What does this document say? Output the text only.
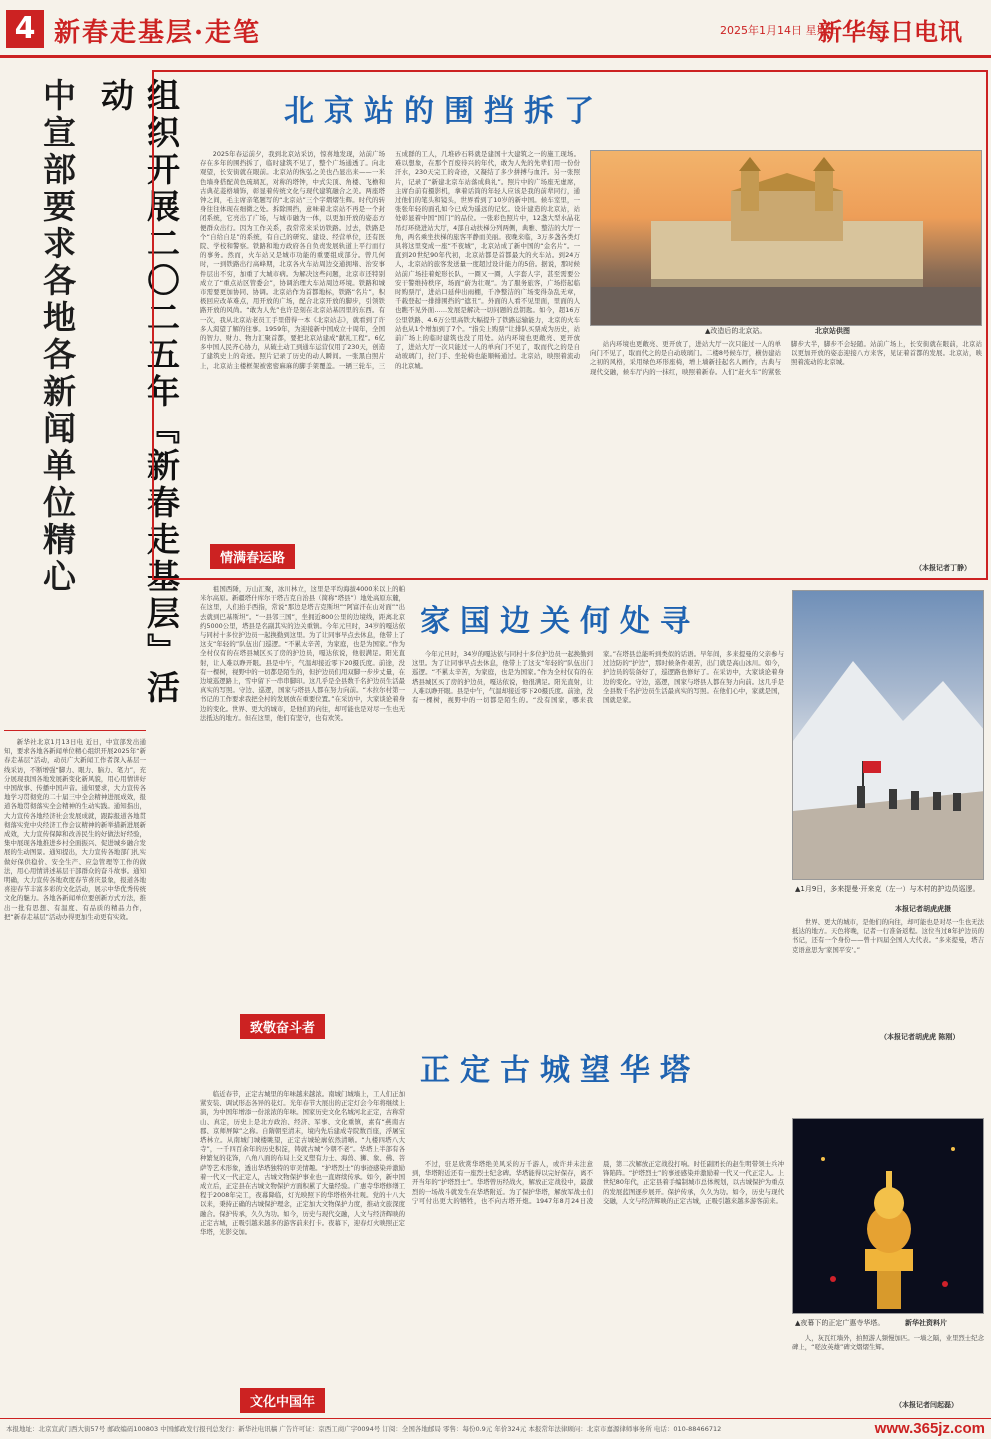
4 新春走基层·走笔	2025年1月14日 星期二
新华每日电讯
中宣部要求各地各新闻单位精心	组织开展二〇二五年『新春走基层』活动

新华社北京1月13日电 近日，中宣部发出通知，要求各地各新闻单位精心组织开展2025年“新春走基层”活动，动员广大新闻工作者深入基层一线采访，不断增强“脚力、眼力、脑力、笔力”，充分展现我国各地发展新变化新风貌，用心用情讲好中国故事、传播中国声音。通知要求，大力宣传各地学习贯彻党的二十届三中全会精神进展成效，报道各地贯彻落实全会精神的生动实践。通知指出，大力宣传各地经济社会发展成就，跟踪报道各地贯彻落实党中央经济工作会议精神的新举措新进展新成效，大力宣传保障和改善民生的好做法好经验，集中展现各地推进乡村全面振兴、促进城乡融合发展的生动图景。通知提出，大力宣传各地部门扎实做好保供稳价、安全生产、应急管理等工作的做法，用心用情讲述基层干部群众的奋斗故事。通知明确，大力宣传各地欢度春节喜庆景象，报道各地喜迎春节丰富多彩的文化活动，展示中华优秀传统文化的魅力。各地各新闻单位要创新方式方法，推出一批有思想、有温度、有品质的精品力作，把“新春走基层”活动办得更加生动更有实效。

北京站的围挡拆了

2025年春运前夕，我到北京站采访，惊喜地发现，站前广场存在多年的围挡拆了，临时建筑不见了，整个广场通透了。向北观望，长安街就在眼前。北京站的恢弘之美也凸显出来——一米色墙身搭配黄色琉璃瓦，对称的塔钟，中式尖顶、角楼、飞檐和古典花菱格墙饰，彰显着传统文化与现代建筑融合之美。两座塔钟之间，毛主席亲笔题写的“北京站”三个字熠熠生辉。时代的转身往往体现在细微之处。拆除围挡，意味着北京站不再是一个封闭系统，它亮出了广场，与城市融为一体，以更加开放的姿态方便群众出行。因为工作关系，我常常来采访铁路。过去，铁路是个“自给自足”的系统，有自己的研究、建设、经营单位，还有医院、学校和警察。铁路和地方政府各自负责发展轨道上平行而行的事务。然而，火车站又是城市功能的重要组成部分。曾几何时，一到铁路出行高峰期，北京各火车站周边交通拥堵、治安事件层出不穷，加重了大城市病。为解决这些问题，北京市还特别成立了“重点站区管委会”，协调治理大车站周边环境。铁路和城市需要更加协同、协调。北京站作为首都地标，铁路“名片”，积极回应改革难点，用开放的广场，配合北京开放的脚步，引领铁路开放的风尚。“敢为人先”也许是刻在北京站基因里的东西。有一次，我从北京站老员工手里借得一本《北京站志》，就看到了许多人渴望了解的往事。1959年，为迎接新中国成立十周年，全国的智力、财力、物力汇聚首都，要把北京站建成“献礼工程”。6亿多中国人民齐心协力，从破土动工到通车运营仅用了230天，创造了建筑史上的奇迹。照片记录了历史的动人瞬间。一张黑白照片上，北京站主楼框架被密密麻麻的脚手架覆盖。一辆三轮车，三五成群的工人，几堆砂石料就是建国十大建筑之一的施工现场。难以想象，在那个百废待兴的年代，敢为人先的先辈们用一份份汗水，230天完工的奇迹，又凝结了多少拼搏与血汗。另一张照片，记录了“新建北京车站落成典礼”。照片中的广场座无虚席，主席台前有摄影机，拿着话筒的年轻人应该是我的前辈同行，通过他们的笔头和镜头，世界看到了10岁的新中国。候车室里，一张张年轻的面孔如今已成为遥远的记忆。设计建造的北京站，站处彰显着中国“国门”的品位。一张彩色照片中，12盏大型水晶花吊灯环绕进站大厅，4部自动扶梯分列两侧，典雅、整洁的大厅一角，两名乘坐扶梯的旅客平静而美丽。夜晚来临，3万多盏各类灯具将这里变成一座“不夜城”，北京站成了新中国的“金名片”。一直到20世纪90年代初，北京站都是首都最大的火车站。到24万人，北京站的旅客发送量一度超过设计能力的5倍。据说，那时候站前广场挂着蛇形长队，一圈又一圈，人字套人字，甚至需要公安干警维持秩序，场面“蔚为壮观”。为了服务旅客，广场搭起临时购票厅，进站口延伸出雨棚，千净整洁的广场变得杂乱无章，千载登起一排排围挡的“遮丑”。外面的人看不见里面，里面的人也瞧不见外面……发展是解决一切问题的总钥匙。如今，超16万公里铁路、4.6万公里高铁大幅提升了铁路运输能力，北京的火车站也从1个增加到了7个。“指尖上购票”让排队买票成为历史，站前广场上的临时建筑也没了用处。站内环境也更敞亮、更开放了，进站大厅一次只能过一人的单向门不见了，取而代之的是自动玻璃门，拉门手、坐轮椅也能顺畅通过。北京站，映照着流动的北京城。

情满春运路
▲改造后的北京站。	北京站供图

站内环境也更敞亮、更开放了，进站大厅一次只能过一人的单向门不见了，取而代之的是自动玻璃门。二楼8号候车厅，横仿建站之初的风格，采用绿色环形座椅，增上墙新挂起名人画作，古典与现代交融，候车厅内的一抹红，映照着新春。人们“赶火车”的紧张脚步大半，脚步不会轻随。站前广场上，长安街就在眼前，北京站以更加开放的姿态迎接八方来客，见证着首都的发展。北京站，映照着流动的北京城。

（本报记者丁静）
家国边关何处寻

祖国西陲，万山汇聚，冰川林立，这里是平均海拔4000米以上的帕米尔高原。新疆塔什库尔干塔吉克自治县（简称“塔县”）地处高原东麓，在这里，人们抬手西指，常说“那边是塔吉克斯坦”“阿富汗在山对面”“出去就到巴基斯坦”。“一县邻三国”，坐拥近800公里的边境线，距离北京约5000公里，塔县是名副其实的边关重镇。今年元旦时，34岁的嘎达依与同村十多位护边员一起换勤到这里。为了让同事早点去休息，他带上了这支“年轻的”队伍出门巡逻。“不累太辛苦，为家庭，也是为国家。”作为全村仅有的在塔县城区买了房的护边员，嘎达依说，他很满足。阳光直射，让人难以睁开眼。县是中午，气温却接近零下20摄氏度。前途，没有一棵树，视野中的一切都是陌生的，但护边员们用双脚一步步丈量，在边境巡逻路上，雪中留下一串串脚印。这几乎是全县数千名护边员生活最真实的写照。守边、巡逻，国家与塔县人都在努力向前。“木拉尔村第一书记的工作要求我把全村的发展放在重要位置。”在采访中，大家谈论着身边的变化。世界、更大的城市，是他们的向往，却可能也是对尽一生也无法抵达的地方。但在这里，他们有坚守，也有欢笑。

致敬奋斗者

今年元旦时，34岁的嘎达依与同村十多位护边员一起换勤到这里。为了让同事早点去休息，他带上了这支“年轻的”队伍出门巡逻。“不累太辛苦，为家庭，也是为国家。”作为全村仅有的在塔县城区买了房的护边员，嘎达依说，他很满足。阳光直射，让人难以睁开眼。县是中午，气温却接近零下20摄氏度。前途，没有一棵树，视野中的一切都是陌生的。“没有国家，哪来我家。”在塔县总能听到类似的话语。早年间，多来提曼的父亲参与过边防的“护边”，那时候条件艰苦，出门就是高山冰川。如今，护边员的装备好了，巡逻路也修好了。在采访中，大家谈论着身边的变化。守边，巡逻，国家与塔县人都在努力向前。这几乎是全县数千名护边员生活最真实的写照。在他们心中，家就是国，国就是家。

▲1月9日，多来提曼·开来克（左一）与木村的护边员巡逻。
本报记者胡虎虎摄

世界、更大的城市，是他们的向往，却可能也是对尽一生也无法抵达的地方。天色将晚，记者一行准备返程。这位当过8年护边员的书记，还有一个身份——曾十四届全国人大代表。“多来提曼，塔吉克语意思为‘家国平安’。”

（本报记者胡虎虎 陈刚）
正定古城望华塔

临近春节，正定古城里的年味越来越浓。南城门城墙上，工人们正加紧安装、调试形态各异的花灯。光年春节大展出的正定灯会今年将继续上演，为中国年增添一份浓浓的年味。国家历史文化名城河北正定，古称常山、真定，历史上是北方政治、经济、军事、文化重镇，素有“燕南古郡、京师屏障”之称。自隋朝至清末，境内先后建成寺院数百座，浮屠宝塔林立。从南城门城楼眺望，正定古城轮廓依然清晰。“九楼四塔八大寺”，一千四百余年的历史积淀，铸就古城“今朝不老”。华塔上半部有各种繁复的花饰，八角八面的布局上交叉塑有力士、海兽、狮、象、佛、菩萨等艺术形象，透出华塔独特的审美情趣。“护塔烈士”的事迹感染并激励着一代又一代正定人，古城文物保护事业也一直赓续传承。如今，新中国成立后，正定县在古城文物保护方面积累了大量经验。广惠寺华塔修缮工程于2008年完工，夜幕降临，灯光映照下的华塔格外壮观。党的十八大以来，秉持正确的古城保护理念，正定加大文物保护力度，推动文旅深度融合。保护传承，久久为功。如今，历史与现代交融，人文与经济辉映的正定古城，正吸引越来越多的游客前来打卡。夜幕下，迎春灯火映照正定华塔，光影交加。

文化中国年

不过，驻足欣赏华塔绝美风采的万千游人，或许并未注意到，华塔附近还有一座烈士纪念碑。华塔能得以完好保存，离不开当年的“护塔烈士”。华塔曾历经战火，解放正定战役中，最激烈的一场战斗就发生在华塔附近。为了保护华塔，解放军战士们宁可付出更大的牺牲，也不向古塔开炮。1947年8月24日凌晨，第二次解放正定战役打响。时任副团长的赵生明带领士兵冲锋陷阵。“护塔烈士”的事迹感染并激励着一代又一代正定人。上世纪80年代，正定县着手编制城市总体规划，以古城保护为重点的发展蓝图逐步展开。保护传承，久久为功。如今，历史与现代交融，人文与经济辉映的正定古城，正吸引越来越多游客前来。

▲夜幕下的正定广惠寺华塔。	新华社资料片

人，灰瓦红墙外，拍照游人频慢加匹。一墙之隔，业里烈士纪念碑上，“嗟汝英雄”碑文熠熠生辉。

（本报记者闫起磊）
本报地址：北京宣武门西大街57号 邮政编码100803 中国邮政发行报刊总发行：新华社电讯稿 广告许可证：京西工商广字0094号 订阅：全国各地邮局 零售：每份0.9元 年价324元 本报常年法律顾问：北京市嘉源律师事务所 电话：010-88466712	www.365jz.com
